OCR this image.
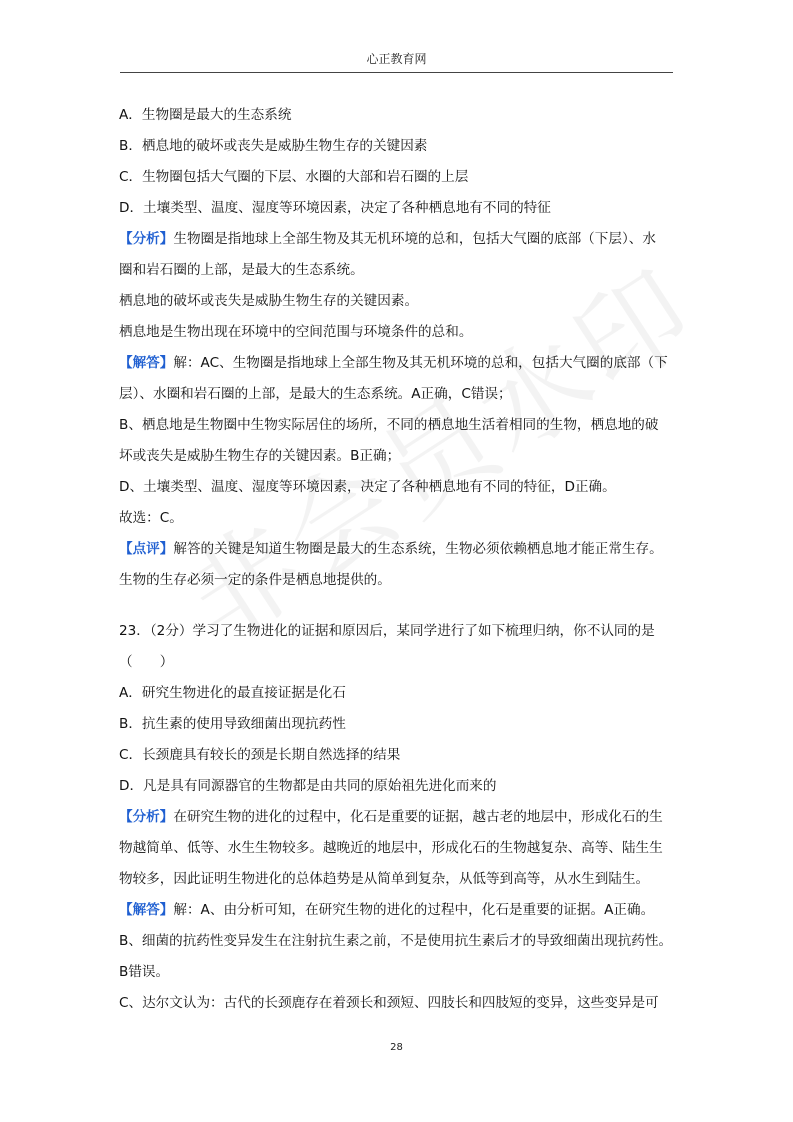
心正教育网
A．生物圈是最大的生态系统
B．栖息地的破坏或丧失是威胁生物生存的关键因素
C．生物圈包括大气圈的下层、水圈的大部和岩石圈的上层
D．土壤类型、温度、湿度等环境因素，决定了各种栖息地有不同的特征
【分析】生物圈是指地球上全部生物及其无机环境的总和，包括大气圈的底部（下层）、水
圈和岩石圈的上部，是最大的生态系统。
栖息地的破坏或丧失是威胁生物生存的关键因素。
栖息地是生物出现在环境中的空间范围与环境条件的总和。
【解答】解：AC、生物圈是指地球上全部生物及其无机环境的总和，包括大气圈的底部（下
层）、水圈和岩石圈的上部，是最大的生态系统。A正确，C错误；
B、栖息地是生物圈中生物实际居住的场所，不同的栖息地生活着相同的生物，栖息地的破
坏或丧失是威胁生物生存的关键因素。B正确；
D、土壤类型、温度、湿度等环境因素，决定了各种栖息地有不同的特征，D正确。
故选：C。
【点评】解答的关键是知道生物圈是最大的生态系统，生物必须依赖栖息地才能正常生存。
生物的生存必须一定的条件是栖息地提供的。
23．（2分）学习了生物进化的证据和原因后，某同学进行了如下梳理归纳，你不认同的是
（　　）
A．研究生物进化的最直接证据是化石
B．抗生素的使用导致细菌出现抗药性
C．长颈鹿具有较长的颈是长期自然选择的结果
D．凡是具有同源器官的生物都是由共同的原始祖先进化而来的
【分析】在研究生物的进化的过程中，化石是重要的证据，越古老的地层中，形成化石的生
物越简单、低等、水生生物较多。越晚近的地层中，形成化石的生物越复杂、高等、陆生生
物较多，因此证明生物进化的总体趋势是从简单到复杂，从低等到高等，从水生到陆生。
【解答】解：A、由分析可知，在研究生物的进化的过程中，化石是重要的证据。A正确。
B、细菌的抗药性变异发生在注射抗生素之前，不是使用抗生素后才的导致细菌出现抗药性。
B错误。
C、达尔文认为：古代的长颈鹿存在着颈长和颈短、四肢长和四肢短的变异，这些变异是可
28
